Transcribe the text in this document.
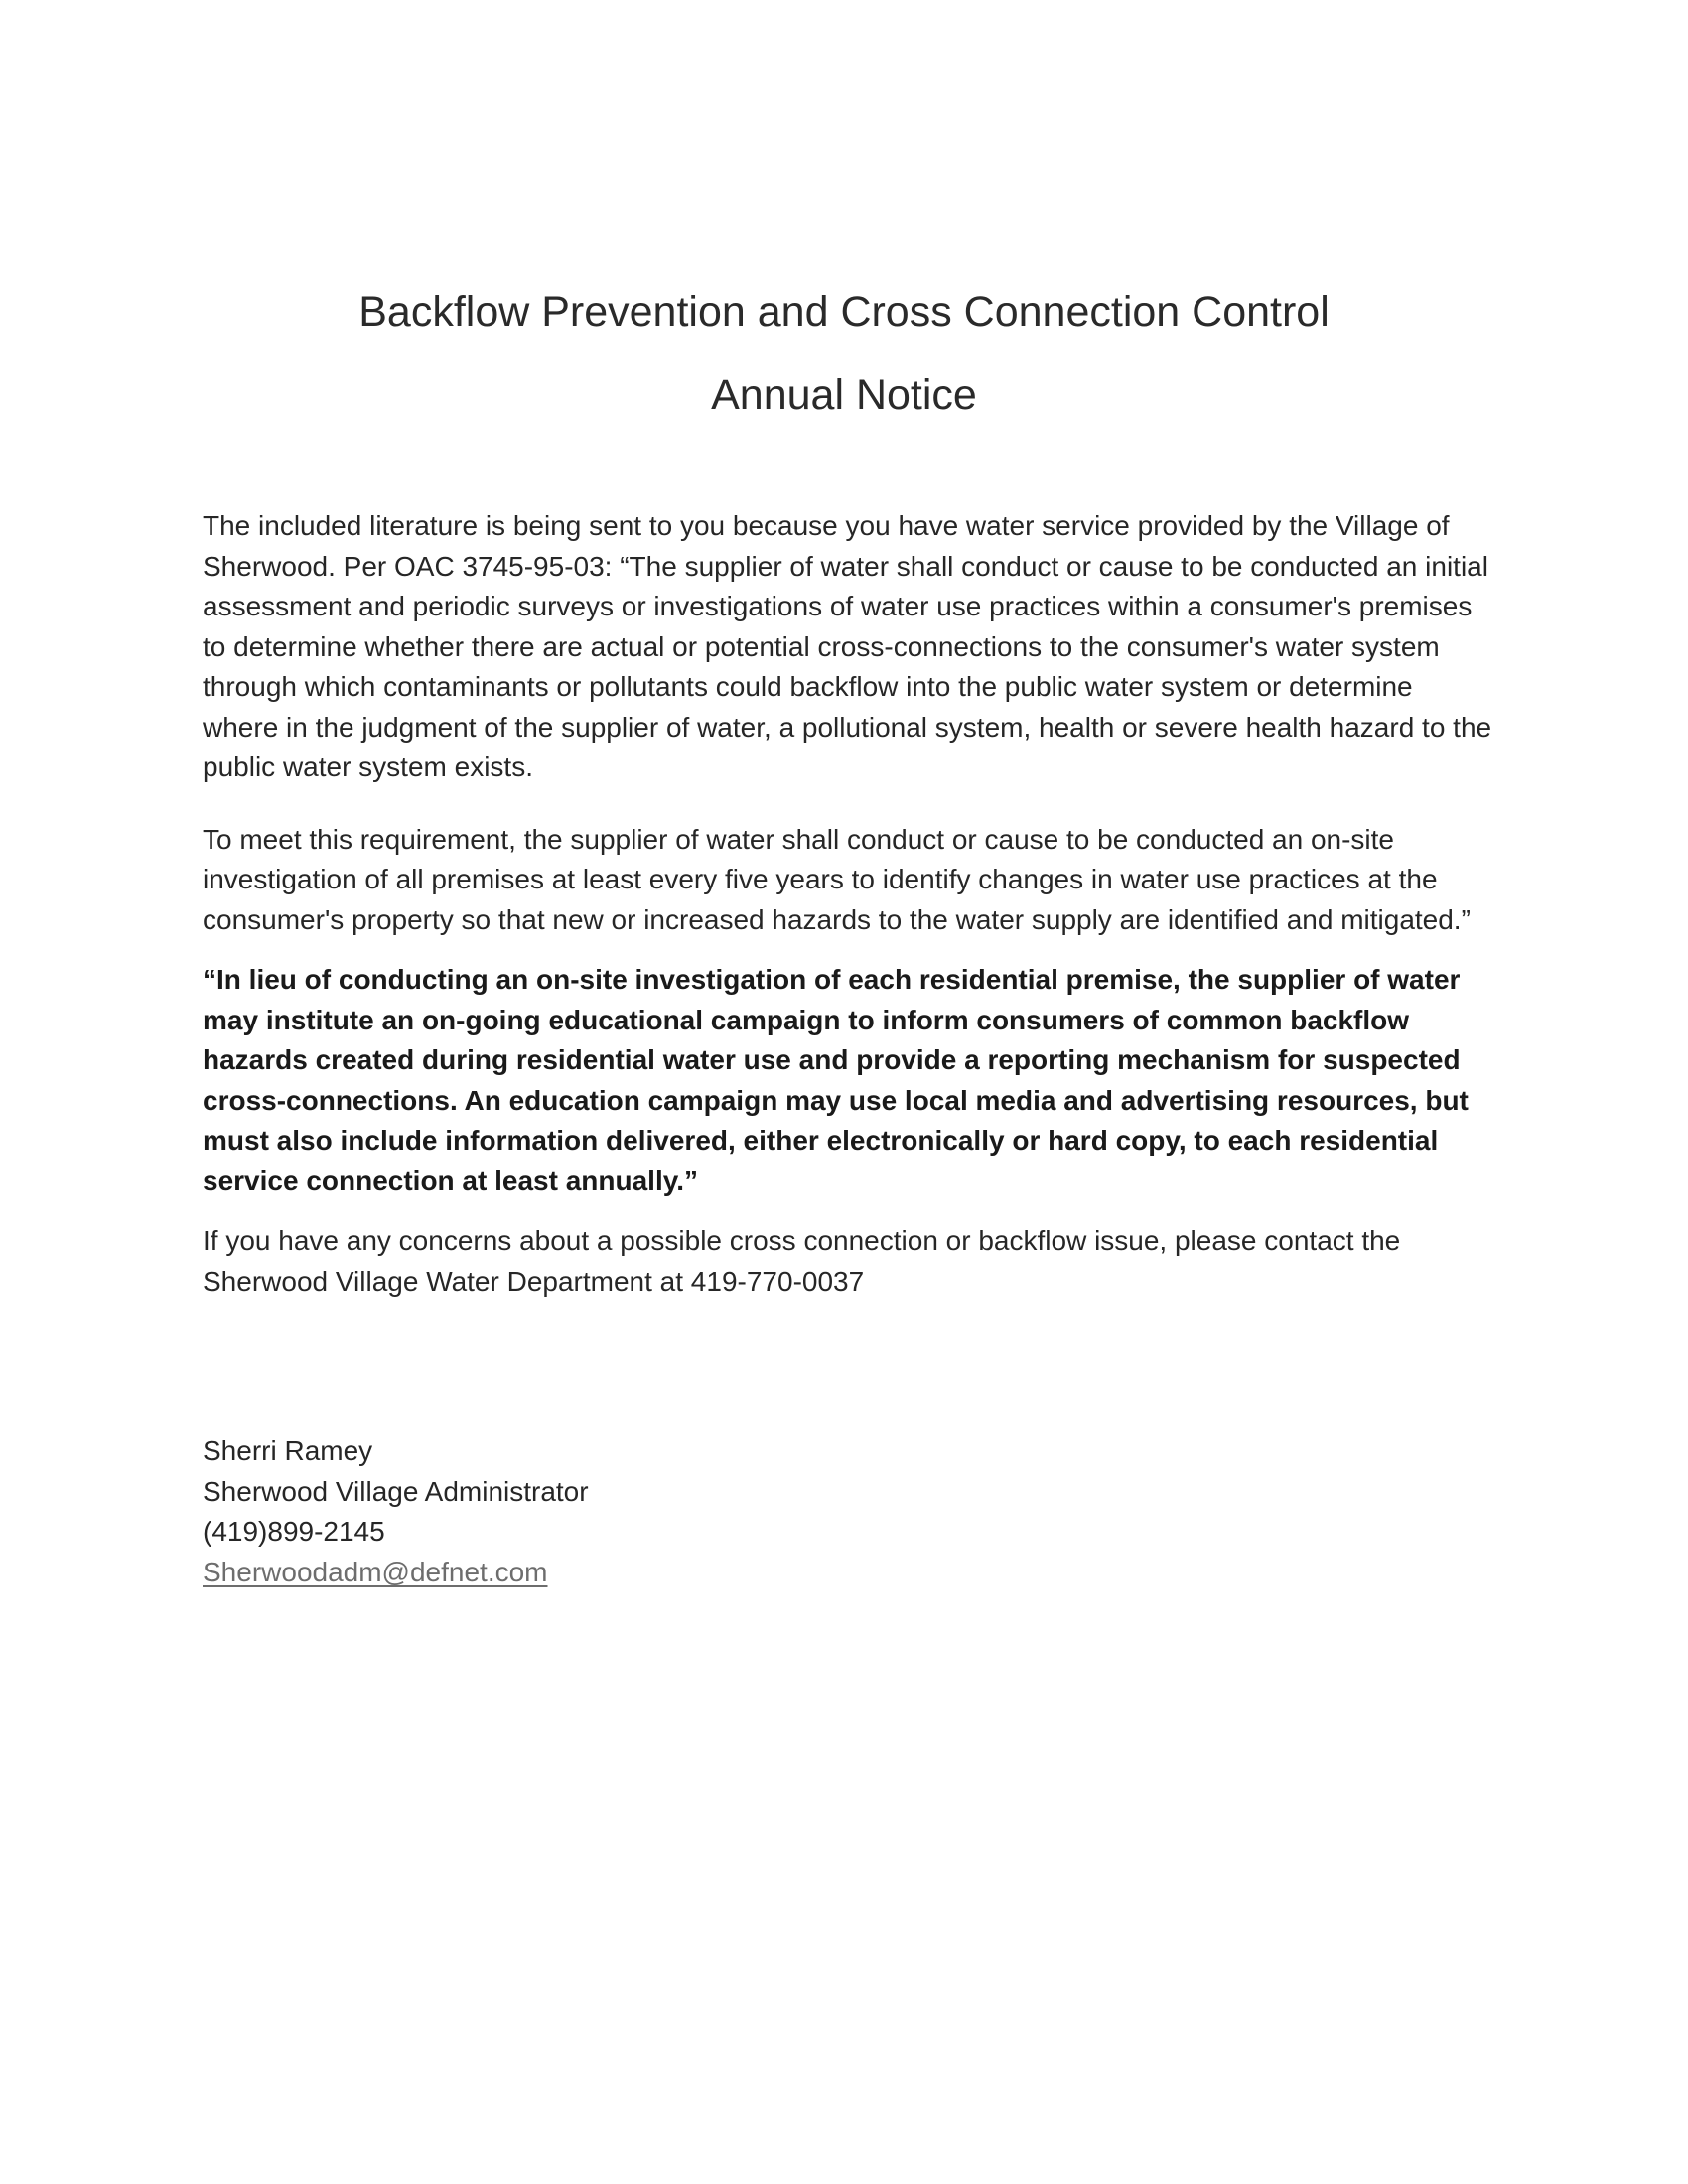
Backflow Prevention and Cross Connection Control
Annual Notice

The included literature is being sent to you because you have water service provided by the Village of Sherwood. Per OAC 3745-95-03: “The supplier of water shall conduct or cause to be conducted an initial assessment and periodic surveys or investigations of water use practices within a consumer's premises to determine whether there are actual or potential cross-connections to the consumer's water system through which contaminants or pollutants could backflow into the public water system or determine where in the judgment of the supplier of water, a pollutional system, health or severe health hazard to the public water system exists.

To meet this requirement, the supplier of water shall conduct or cause to be conducted an on-site investigation of all premises at least every five years to identify changes in water use practices at the consumer's property so that new or increased hazards to the water supply are identified and mitigated.”

“In lieu of conducting an on-site investigation of each residential premise, the supplier of water may institute an on-going educational campaign to inform consumers of common backflow hazards created during residential water use and provide a reporting mechanism for suspected cross-connections. An education campaign may use local media and advertising resources, but must also include information delivered, either electronically or hard copy, to each residential service connection at least annually.”

If you have any concerns about a possible cross connection or backflow issue, please contact the Sherwood Village Water Department at 419-770-0037

Sherri Ramey

Sherwood Village Administrator

(419)899-2145

Sherwoodadm@defnet.com
